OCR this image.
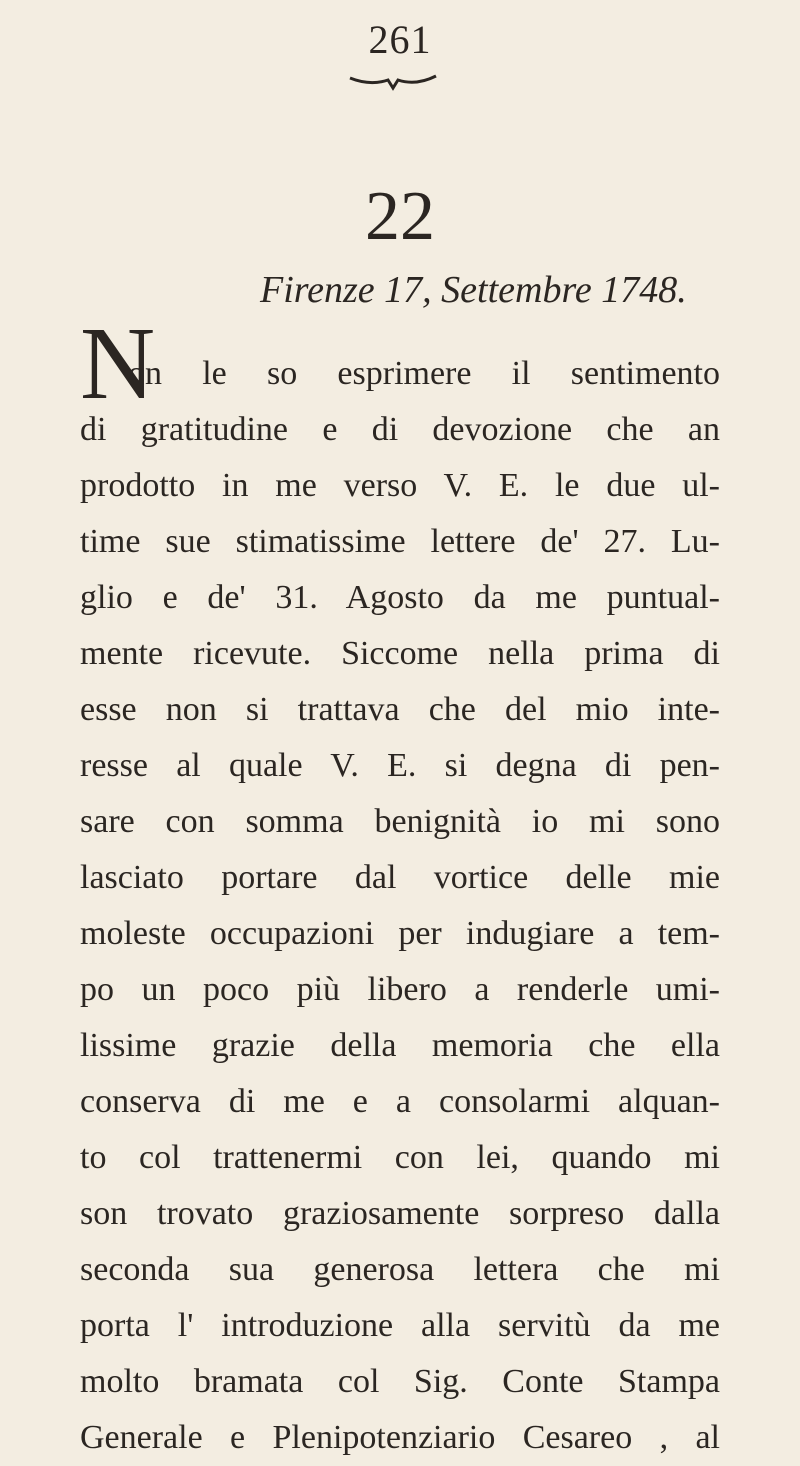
261
22
Firenze 17, Settembre 1748.
N
on le so esprimere il sentimento
di gratitudine e di devozione che an
prodotto in me verso V. E. le due ul-
time sue stimatissime lettere de' 27. Lu-
glio e de' 31. Agosto da me puntual-
mente ricevute. Siccome nella prima di
esse non si trattava che del mio inte-
resse al quale V. E. si degna di pen-
sare con somma benignità io mi sono
lasciato portare dal vortice delle mie
moleste occupazioni per indugiare a tem-
po un poco più libero a renderle umi-
lissime grazie della memoria che ella
conserva di me e a consolarmi alquan-
to col trattenermi con lei, quando mi
son trovato graziosamente sorpreso dalla
seconda sua generosa lettera che mi
porta l' introduzione alla servitù da me
molto bramata col Sig. Conte Stampa
Generale e Plenipotenziario Cesareo , al
